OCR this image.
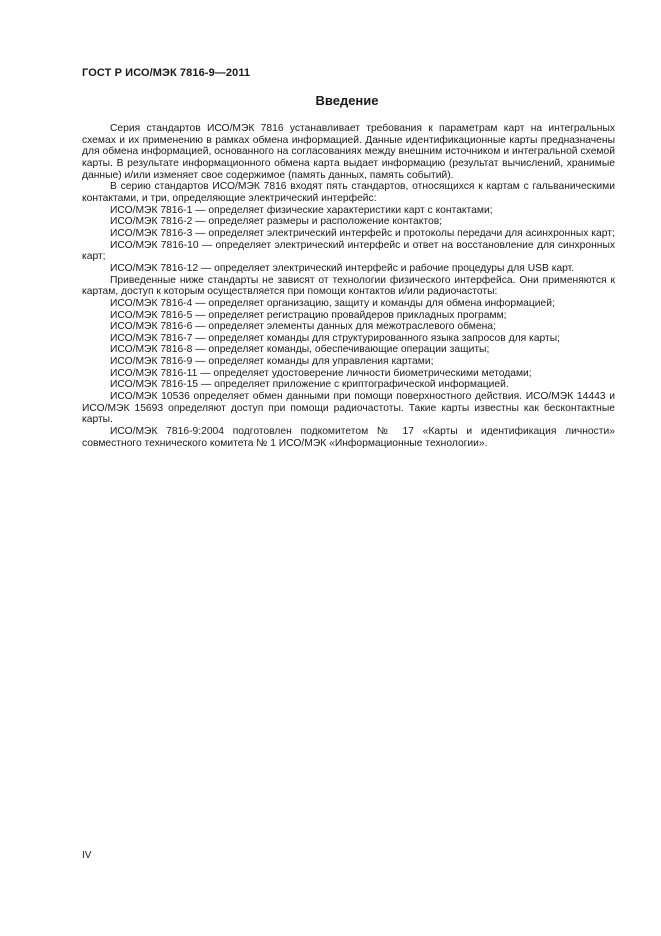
ГОСТ Р ИСО/МЭК 7816-9—2011
Введение

Серия стандартов ИСО/МЭК 7816 устанавливает требования к параметрам карт на интегральных схемах и их применению в рамках обмена информацией. Данные идентификационные карты предназначены для обмена информацией, основанного на согласованиях между внешним источником и интегральной схемой карты. В результате информационного обмена карта выдает информацию (результат вычислений, хранимые данные) и/или изменяет свое содержимое (память данных, память событий).

В серию стандартов ИСО/МЭК 7816 входят пять стандартов, относящихся к картам с гальваническими контактами, и три, определяющие электрический интерфейс:

ИСО/МЭК 7816-1 — определяет физические характеристики карт с контактами;

ИСО/МЭК 7816-2 — определяет размеры и расположение контактов;

ИСО/МЭК 7816-3 — определяет электрический интерфейс и протоколы передачи для асинхронных карт;

ИСО/МЭК 7816-10 — определяет электрический интерфейс и ответ на восстановление для синхронных карт;

ИСО/МЭК 7816-12 — определяет электрический интерфейс и рабочие процедуры для USB карт.

Приведенные ниже стандарты не зависят от технологии физического интерфейса. Они применяются к картам, доступ к которым осуществляется при помощи контактов и/или радиочастоты:

ИСО/МЭК 7816-4 — определяет организацию, защиту и команды для обмена информацией;

ИСО/МЭК 7816-5 — определяет регистрацию провайдеров прикладных программ;

ИСО/МЭК 7816-6 — определяет элементы данных для межотраслевого обмена;

ИСО/МЭК 7816-7 — определяет команды для структурированного языка запросов для карты;

ИСО/МЭК 7816-8 — определяет команды, обеспечивающие операции защиты;

ИСО/МЭК 7816-9 — определяет команды для управления картами;

ИСО/МЭК 7816-11 — определяет удостоверение личности биометрическими методами;

ИСО/МЭК 7816-15 — определяет приложение с криптографической информацией.

ИСО/МЭК 10536 определяет обмен данными при помощи поверхностного действия. ИСО/МЭК 14443 и ИСО/МЭК 15693 определяют доступ при помощи радиочастоты. Такие карты известны как бесконтактные карты.

ИСО/МЭК 7816-9:2004 подготовлен подкомитетом № 17 «Карты и идентификация личности» совместного технического комитета № 1 ИСО/МЭК «Информационные технологии».

IV
